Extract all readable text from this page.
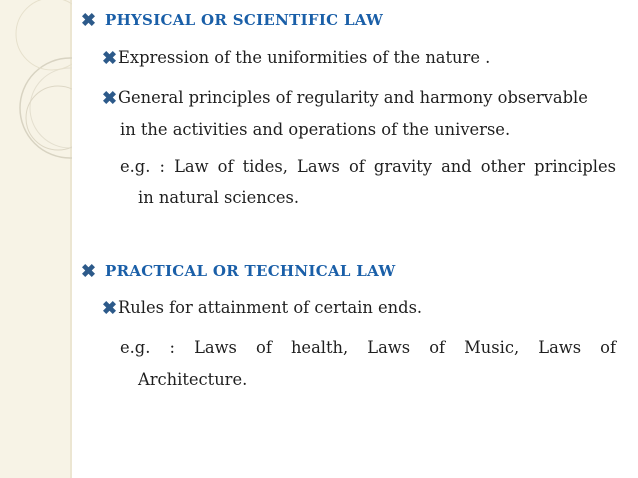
PHYSICAL OR SCIENTIFIC LAW
Expression of the uniformities of the nature .
General principles of regularity and harmony observable
in the activities and operations of the universe.
e.g. : Law of tides, Laws of gravity and other principles
in natural sciences.
PRACTICAL OR TECHNICAL LAW
Rules for attainment of certain ends.
e.g. : Laws of health, Laws of Music, Laws of
Architecture.
